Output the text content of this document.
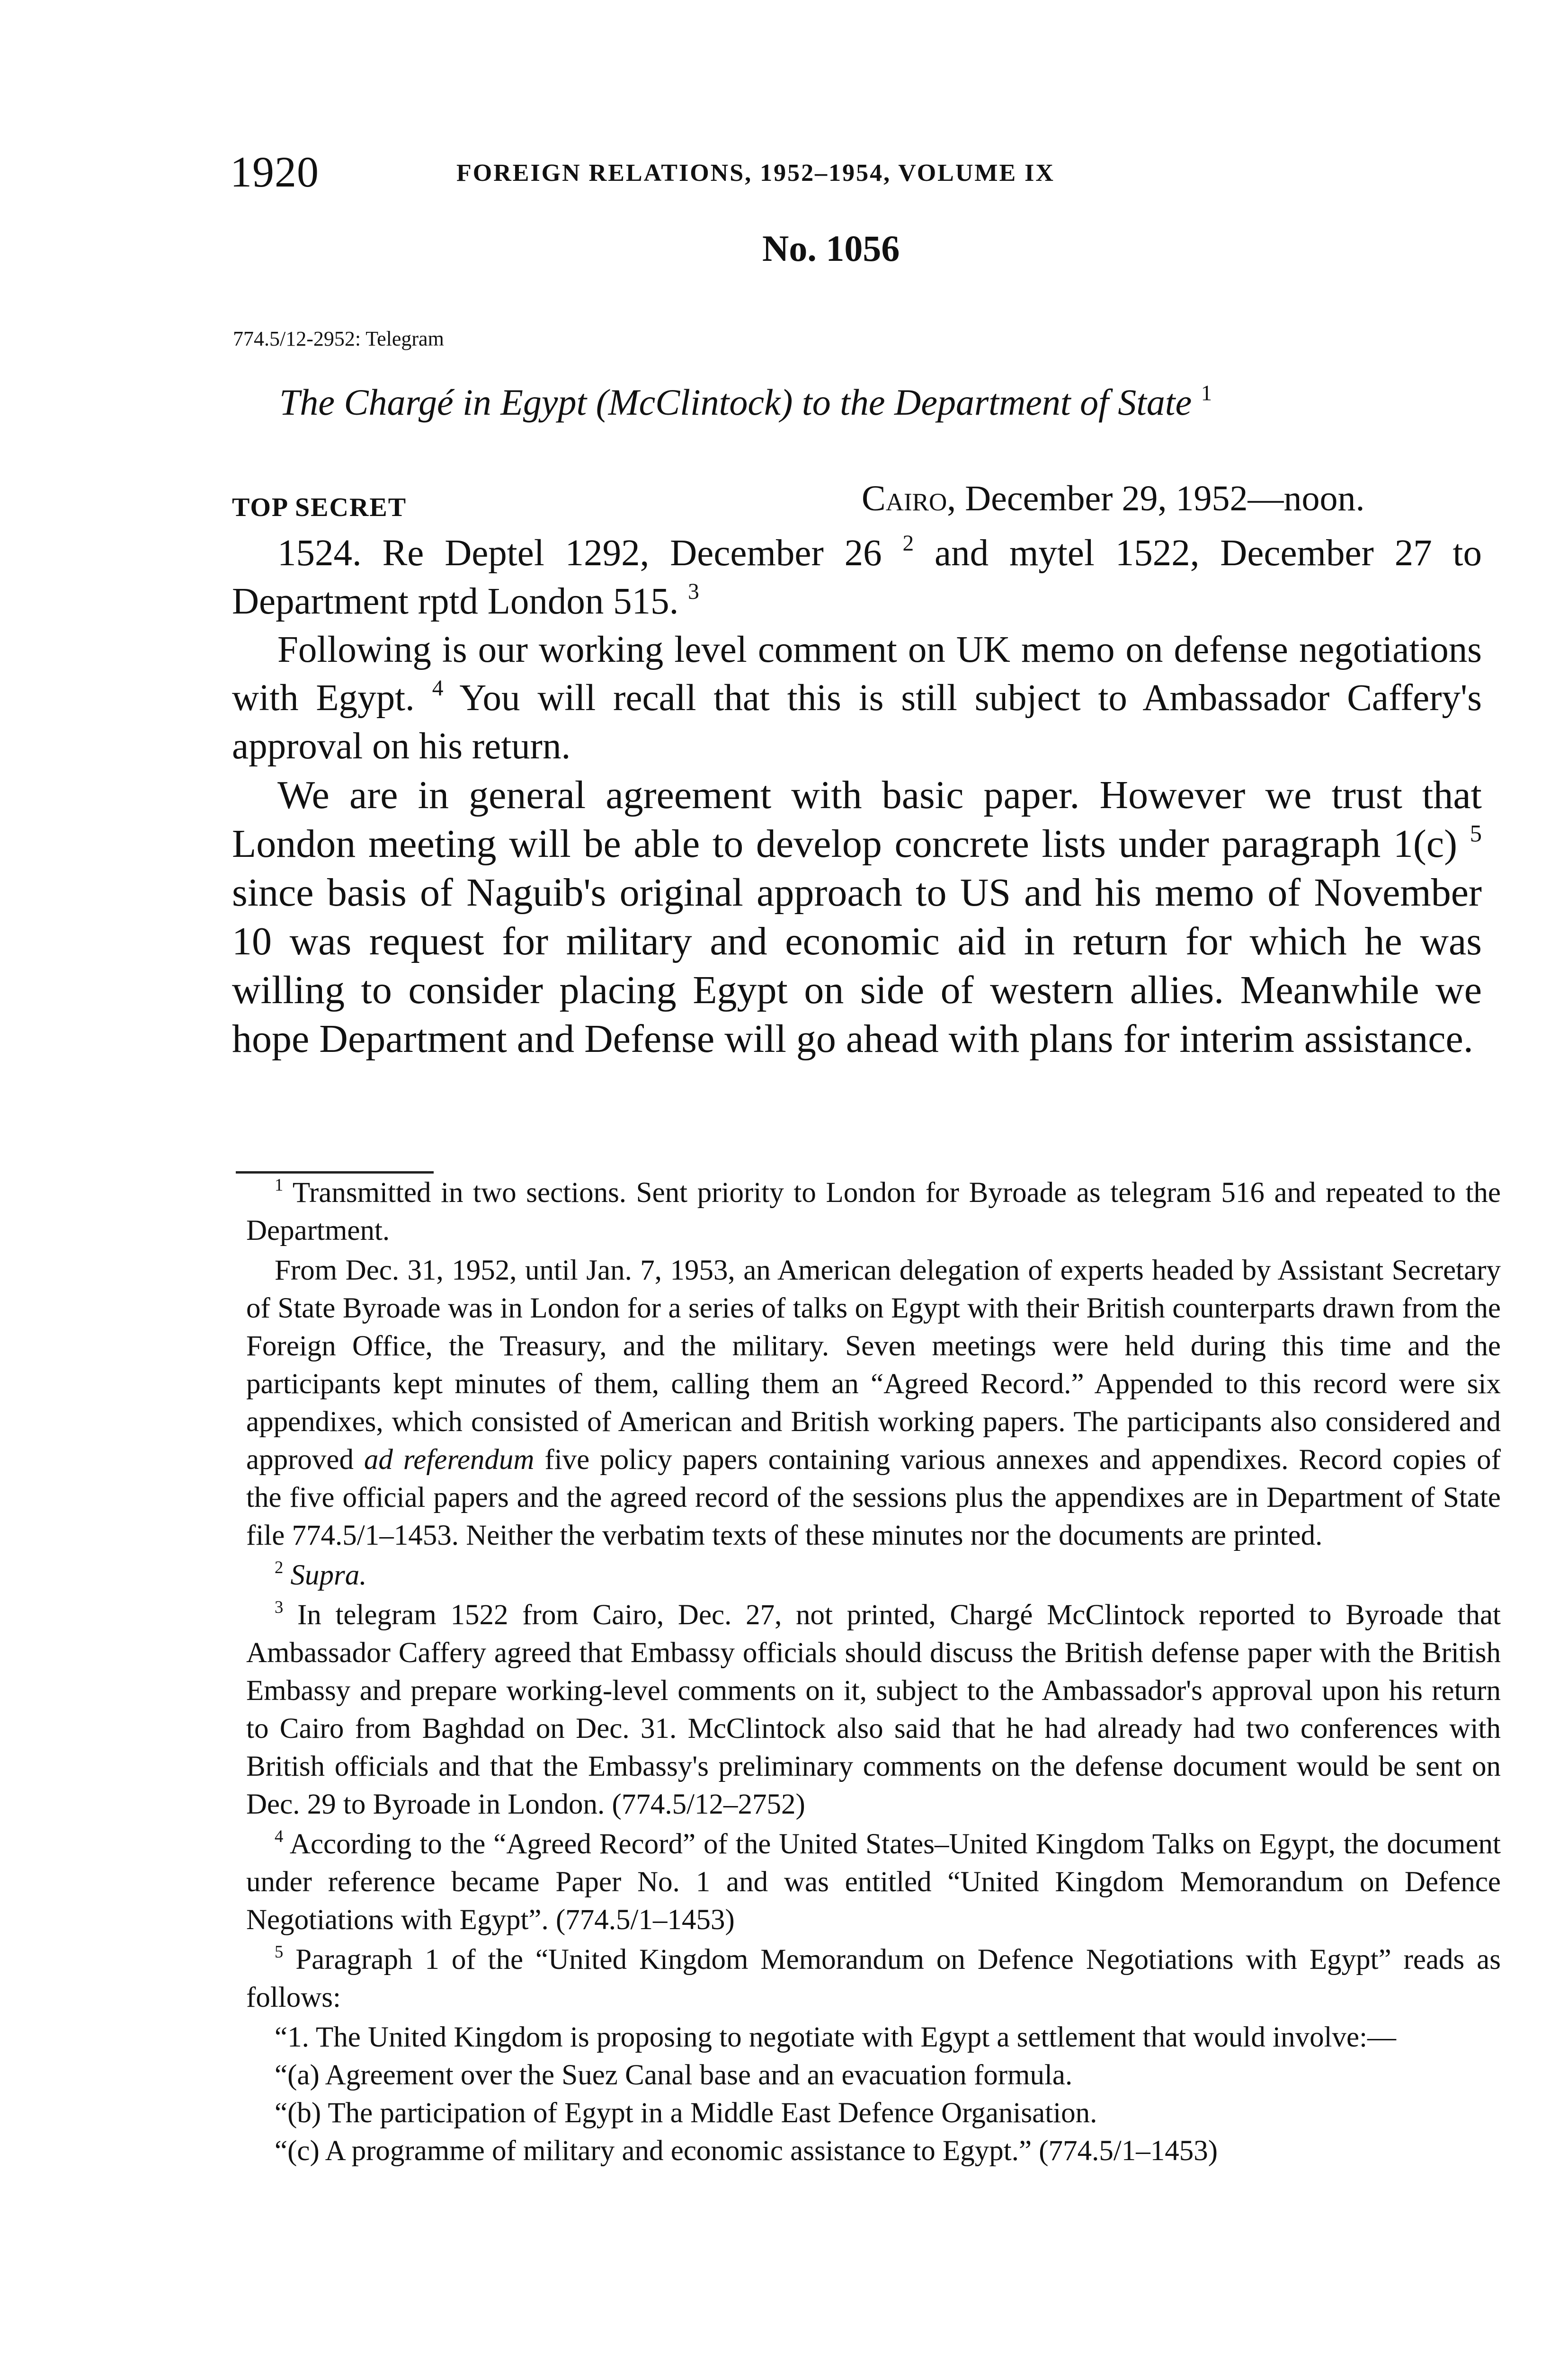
1920	FOREIGN RELATIONS, 1952–1954, VOLUME IX
No. 1056
774.5/12-2952: Telegram
The Chargé in Egypt (McClintock) to the Department of State $^1$
TOP SECRET	Cairo, December 29, 1952—noon.

1524. Re Deptel 1292, December 26 $^2$ and mytel 1522, December 27 to Department rptd London 515. $^3$

Following is our working level comment on UK memo on defense negotiations with Egypt. $^4$ You will recall that this is still subject to Ambassador Caffery's approval on his return.

We are in general agreement with basic paper. However we trust that London meeting will be able to develop concrete lists under paragraph 1(c) $^5$ since basis of Naguib's original approach to US and his memo of November 10 was request for military and economic aid in return for which he was willing to consider placing Egypt on side of western allies. Meanwhile we hope Department and Defense will go ahead with plans for interim assistance.

$^1$ Transmitted in two sections. Sent priority to London for Byroade as telegram 516 and repeated to the Department.

From Dec. 31, 1952, until Jan. 7, 1953, an American delegation of experts headed by Assistant Secretary of State Byroade was in London for a series of talks on Egypt with their British counterparts drawn from the Foreign Office, the Treasury, and the military. Seven meetings were held during this time and the participants kept minutes of them, calling them an “Agreed Record.” Appended to this record were six appendixes, which consisted of American and British working papers. The participants also considered and approved ad referendum five policy papers containing various annexes and appendixes. Record copies of the five official papers and the agreed record of the sessions plus the appendixes are in Department of State file 774.5/1–1453. Neither the verbatim texts of these minutes nor the documents are printed.

$^2$ Supra.

$^3$ In telegram 1522 from Cairo, Dec. 27, not printed, Chargé McClintock reported to Byroade that Ambassador Caffery agreed that Embassy officials should discuss the British defense paper with the British Embassy and prepare working-level comments on it, subject to the Ambassador's approval upon his return to Cairo from Baghdad on Dec. 31. McClintock also said that he had already had two conferences with British officials and that the Embassy's preliminary comments on the defense document would be sent on Dec. 29 to Byroade in London. (774.5/12–2752)

$^4$ According to the “Agreed Record” of the United States–United Kingdom Talks on Egypt, the document under reference became Paper No. 1 and was entitled “United Kingdom Memorandum on Defence Negotiations with Egypt”. (774.5/1–1453)

$^5$ Paragraph 1 of the “United Kingdom Memorandum on Defence Negotiations with Egypt” reads as follows:

“1. The United Kingdom is proposing to negotiate with Egypt a settlement that would involve:—

“(a) Agreement over the Suez Canal base and an evacuation formula.

“(b) The participation of Egypt in a Middle East Defence Organisation.

“(c) A programme of military and economic assistance to Egypt.” (774.5/1–1453)
